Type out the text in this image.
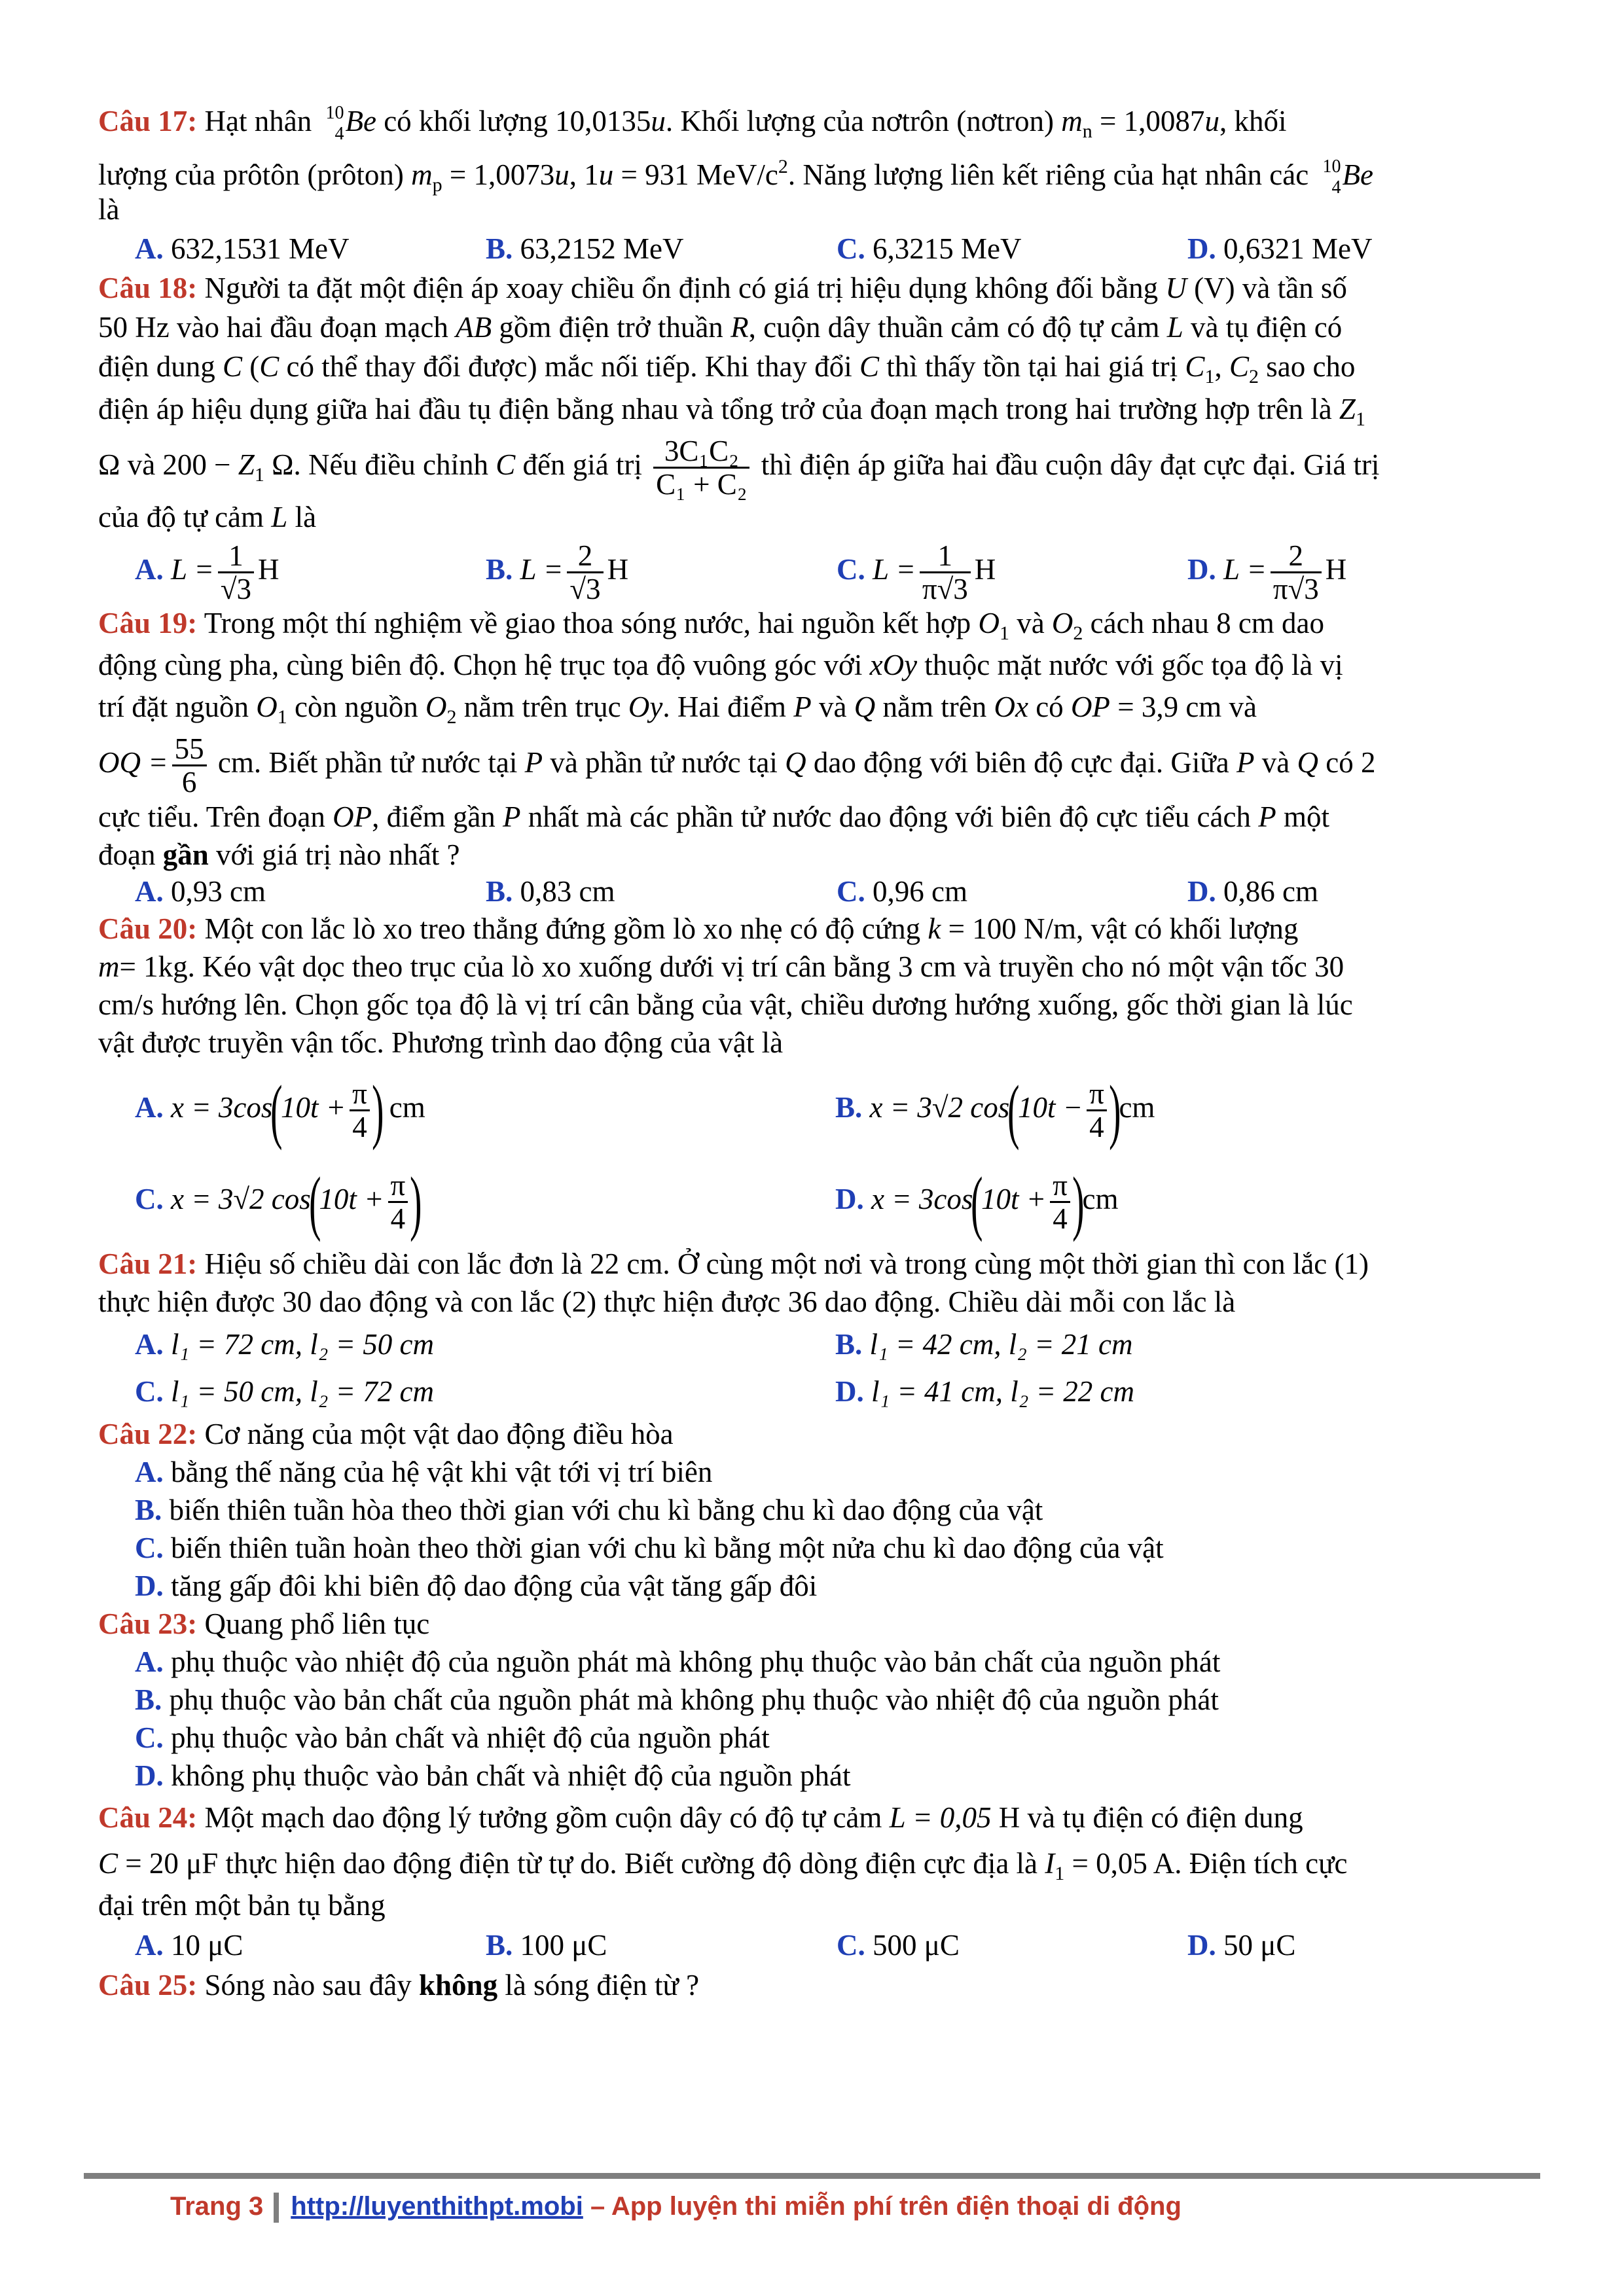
Câu 17: Hạt nhân 10
4 Be có khối lượng 10,0135u. Khối lượng của nơtrôn (nơtron) $m_n = 1,0087u$, khối
lượng của prôtôn (prôton) $m_p = 1,0073u$, 1u = 931 MeV/$c^2$. Năng lượng liên kết riêng của hạt nhân các 10
4 Be
là
A. 632,1531 MeV	B. 63,2152 MeV	C. 6,3215 MeV	D. 0,6321 MeV
Câu 18: Người ta đặt một điện áp xoay chiều ổn định có giá trị hiệu dụng không đối bằng U (V) và tần số
50 Hz vào hai đầu đoạn mạch AB gồm điện trở thuần R, cuộn dây thuần cảm có độ tự cảm L và tụ điện có
điện dung C (C có thể thay đổi được) mắc nối tiếp. Khi thay đổi C thì thấy tồn tại hai giá trị $C_1$, $C_2$ sao cho
điện áp hiệu dụng giữa hai đầu tụ điện bằng nhau và tổng trở của đoạn mạch trong hai trường hợp trên là $Z_1$
Ω và $200 - Z_1$ Ω. Nếu điều chỉnh C đến giá trị $\frac{\text{3C₁C₂}}{\text{C₁ + C₂}}$ thì điện áp giữa hai đầu cuộn dây đạt cực đại. Giá trị
của độ tự cảm L là
A. $L = \frac{1}{√3}$ H	B. $L = \frac{2}{√3}$ H	C. $L = \frac{1}{\pi√3}$ H	D. $L = \frac{2}{\pi√3}$ H
Câu 19: Trong một thí nghiệm về giao thoa sóng nước, hai nguồn kết hợp $O_1$ và $O_2$ cách nhau 8 cm dao
động cùng pha, cùng biên độ. Chọn hệ trục tọa độ vuông góc với xOy thuộc mặt nước với gốc tọa độ là vị
trí đặt nguồn $O_1$ còn nguồn $O_2$ nằm trên trục Oy. Hai điểm P và Q nằm trên Ox có OP = 3,9 cm và
OQ = $\frac{55}{6}$ cm. Biết phần tử nước tại P và phần tử nước tại Q dao động với biên độ cực đại. Giữa P và Q có 2
cực tiểu. Trên đoạn OP, điểm gần P nhất mà các phần tử nước dao động với biên độ cực tiểu cách P một
đoạn gần với giá trị nào nhất ?
A. 0,93 cm	B. 0,83 cm	C. 0,96 cm	D. 0,86 cm
Câu 20: Một con lắc lò xo treo thẳng đứng gồm lò xo nhẹ có độ cứng k = 100 N/m, vật có khối lượng
m= 1kg. Kéo vật dọc theo trục của lò xo xuống dưới vị trí cân bằng 3 cm và truyền cho nó một vận tốc 30
cm/s hướng lên. Chọn gốc tọa độ là vị trí cân bằng của vật, chiều dương hướng xuống, gốc thời gian là lúc
vật được truyền vận tốc. Phương trình dao động của vật là
A. $x = 3\cos(10t + \frac{\pi}{4}$ ) cm	B. x = 3√2 $\cos(10t - \frac{\pi}{4} )cm$
C. x = 3√2 $\cos(10t + \frac{\pi}{4}$ )	D. $x = 3\cos(10t + \frac{\pi}{4} )cm$
Câu 21: Hiệu số chiều dài con lắc đơn là 22 cm. Ở cùng một nơi và trong cùng một thời gian thì con lắc (1)
thực hiện được 30 dao động và con lắc (2) thực hiện được 36 dao động. Chiều dài mỗi con lắc là
A. l₁ = 72 cm, l₂ = 50 cm	B. l₁ = 42 cm, l₂ = 21 cm
C. l₁ = 50 cm, l₂ = 72 cm	D. l₁ = 41 cm, l₂ = 22 cm
Câu 22: Cơ năng của một vật dao động điều hòa
A. bằng thế năng của hệ vật khi vật tới vị trí biên
B. biến thiên tuần hòa theo thời gian với chu kì bằng chu kì dao động của vật
C. biến thiên tuần hoàn theo thời gian với chu kì bằng một nửa chu kì dao động của vật
D. tăng gấp đôi khi biên độ dao động của vật tăng gấp đôi
Câu 23: Quang phổ liên tục
A. phụ thuộc vào nhiệt độ của nguồn phát mà không phụ thuộc vào bản chất của nguồn phát
B. phụ thuộc vào bản chất của nguồn phát mà không phụ thuộc vào nhiệt độ của nguồn phát
C. phụ thuộc vào bản chất và nhiệt độ của nguồn phát
D. không phụ thuộc vào bản chất và nhiệt độ của nguồn phát
Câu 24: Một mạch dao động lý tưởng gồm cuộn dây có độ tự cảm L = 0,05 H và tụ điện có điện dung
C = 20 μF thực hiện dao động điện từ tự do. Biết cường độ dòng điện cực địa là $I_1 = 0,05$ A. Điện tích cực
đại trên một bản tụ bằng
A. 10 μC	B. 100 μC	C. 500 μC	D. 50 μC
Câu 25: Sóng nào sau đây không là sóng điện từ ?
Trang 3 http://luyenthithpt.mobi – App luyện thi miễn phí trên điện thoại di động
